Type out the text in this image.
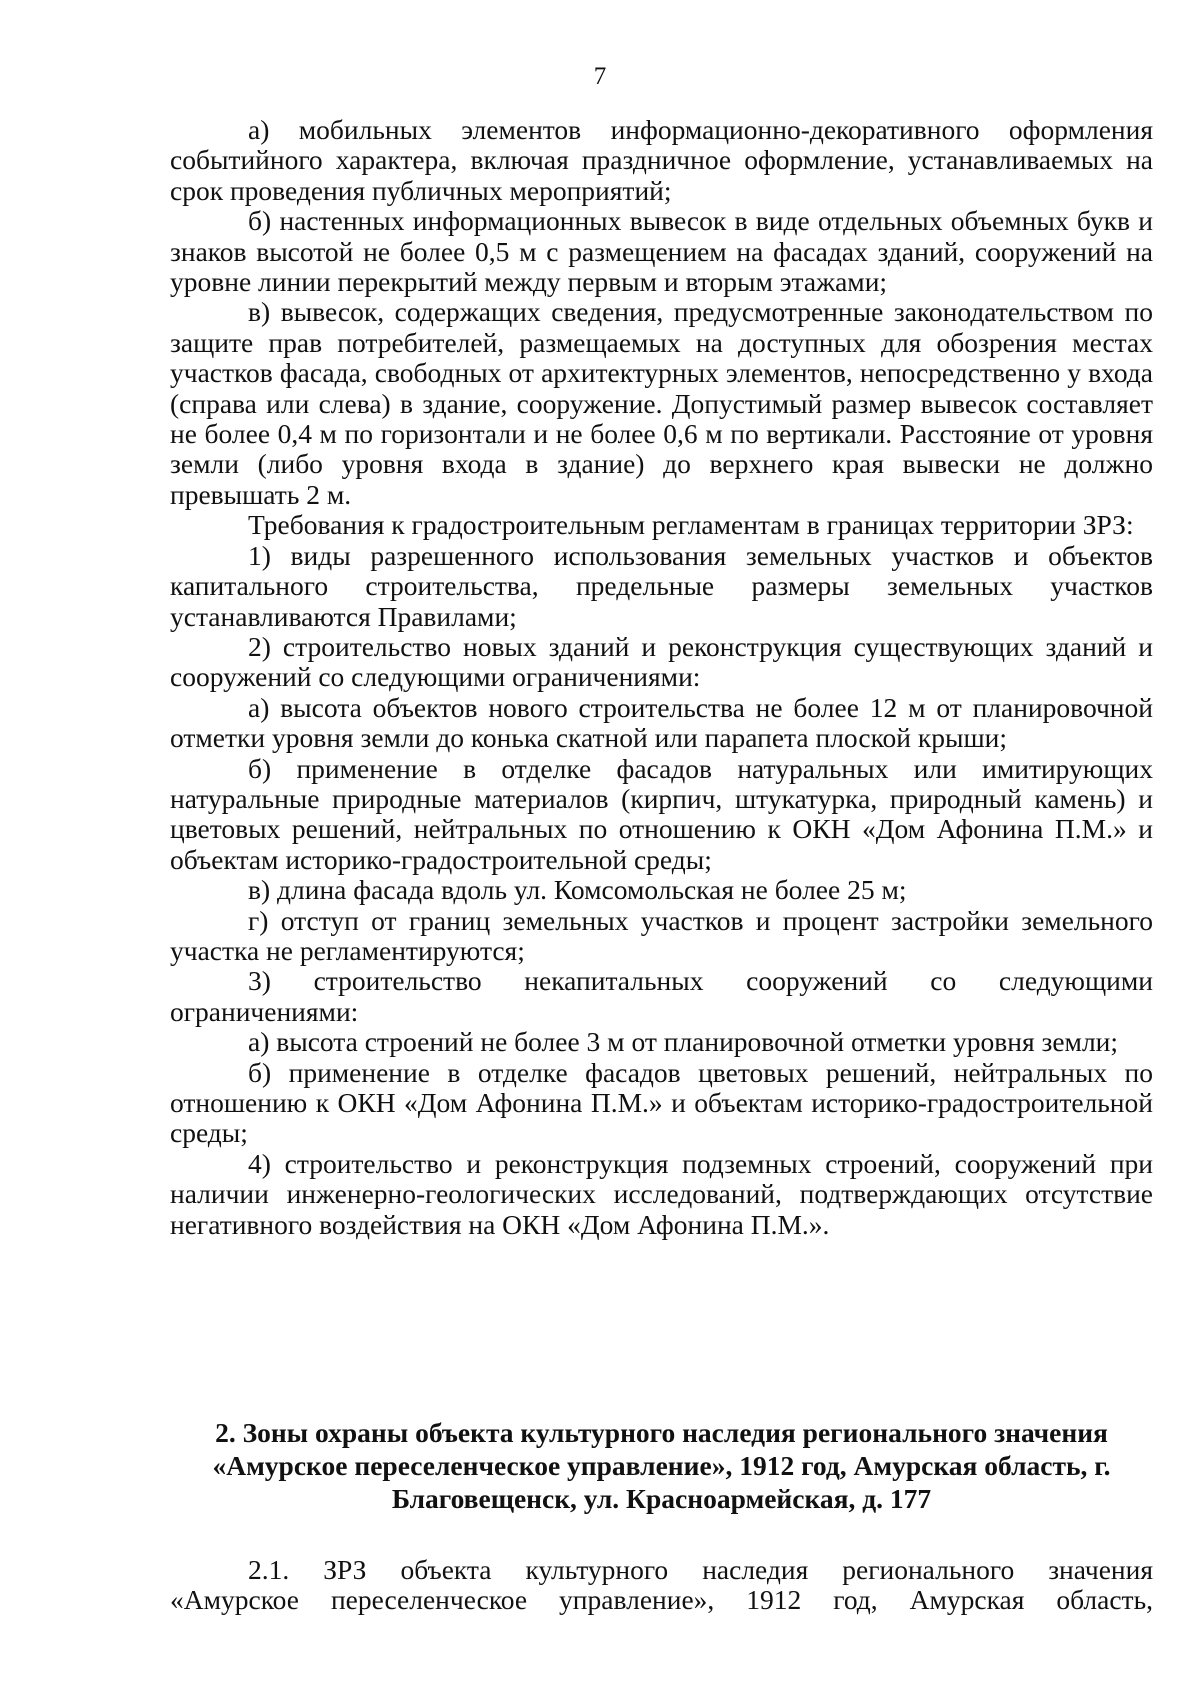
7

а) мобильных элементов информационно-декоративного оформления событийного характера, включая праздничное оформление, устанавливаемых на срок проведения публичных мероприятий;

б) настенных информационных вывесок в виде отдельных объемных букв и знаков высотой не более 0,5 м с размещением на фасадах зданий, сооружений на уровне линии перекрытий между первым и вторым этажами;

в) вывесок, содержащих сведения, предусмотренные законодательством по защите прав потребителей, размещаемых на доступных для обозрения местах участков фасада, свободных от архитектурных элементов, непосредственно у входа (справа или слева) в здание, сооружение. Допустимый размер вывесок составляет не более 0,4 м по горизонтали и не более 0,6 м по вертикали. Расстояние от уровня земли (либо уровня входа в здание) до верхнего края вывески не должно превышать 2 м.

Требования к градостроительным регламентам в границах территории ЗРЗ:

1) виды разрешенного использования земельных участков и объектов капитального строительства, предельные размеры земельных участков устанавливаются Правилами;

2) строительство новых зданий и реконструкция существующих зданий и сооружений со следующими ограничениями:

а) высота объектов нового строительства не более 12 м от планировочной отметки уровня земли до конька скатной или парапета плоской крыши;

б) применение в отделке фасадов натуральных или имитирующих натуральные природные материалов (кирпич, штукатурка, природный камень) и цветовых решений, нейтральных по отношению к ОКН «Дом Афонина П.М.» и объектам историко-градостроительной среды;

в) длина фасада вдоль ул. Комсомольская не более 25 м;

г) отступ от границ земельных участков и процент застройки земельного участка не регламентируются;

3) строительство некапитальных сооружений со следующими ограничениями:

а) высота строений не более 3 м от планировочной отметки уровня земли;

б) применение в отделке фасадов цветовых решений, нейтральных по отношению к ОКН «Дом Афонина П.М.» и объектам историко-градостроительной среды;

4) строительство и реконструкция подземных строений, сооружений при наличии инженерно-геологических исследований, подтверждающих отсутствие негативного воздействия на ОКН «Дом Афонина П.М.».

2. Зоны охраны объекта культурного наследия регионального значения «Амурское переселенческое управление», 1912 год, Амурская область, г. Благовещенск, ул. Красноармейская, д. 177

2.1. ЗРЗ объекта культурного наследия регионального значения «Амурское переселенческое управление», 1912 год, Амурская область,
